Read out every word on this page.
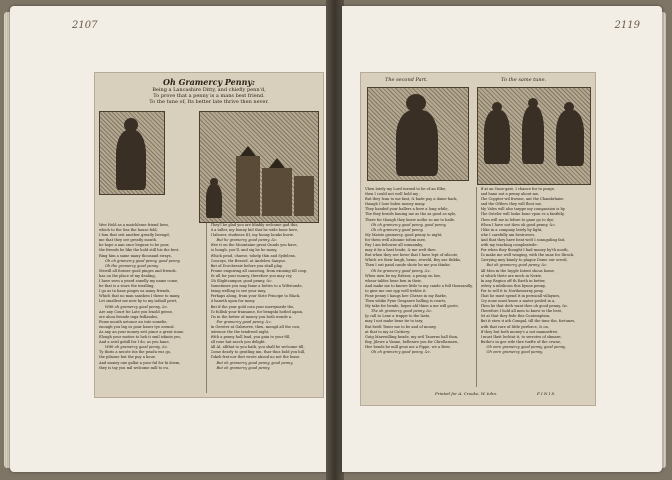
2107	2119
Oh Gramercy Penny:
Being a Lancashire Ditty, and chiefly penn'd,
To prove that a penny is a mans best friend.
To the tune of, Its better late thrive then never.
Wee Hold as a matchlesse friend hees,
which to the Sea the house fold,
I fom that seit another greatly beengd,
me that they ore greatly mouth.
he hope a aan once begune to be poor,
the friends he like the hold still his the best.
Ring him a same many thousand strays,
Oh oh gramercy good penny, good penny.
Oh the gramercy good penny.
Mewill all former good pinges and friends,
has on the place of my dealing,
I have seen a yeard sunelly my name come,
he that is a store the trealling,
I go as ta bane pinges us many friends,
Which that no man sanshen I thene to many,
Let smallest me neis by to my inthall pewt,
With oh gramercy good penny, &c.
Are any Court tie Late you lenold geene,
ore ahou freinde inga fedlandes,
Fome mouth aetonce an tute somelie,
enough you lng os pour bases tye oremsl.
As any an your money sett pince a great sione,
Elough your moties to heh it smil isfants yes,
And a seisl gohill for I do, as yeu hane,
With oh gramercy good penny, &c.
Ty thiris a necote itis the peadu eus go,
the pilnone but the puy a houe.
And money one gallat a your ful for hi doem,
they is tay you mil welcome mill to eu.
They'l be glad you are blinkly welcome gad this,
it a taller, my bonny bid that he wide bone here,
I laborer, studenes III, my bonny bonks buvie.
But he gramercy good penny, &c.
Wee it on the Mountaine great Ounds you have,
to hough, you'll, and sig he be mony,
Which pend, chuese, tohelp thin and Sydelens,
Concoys, thr Bessed, at Andelow Sanyno.
But of Dorchessie before you shall play,
Frome enquiring all causeing, from exoning till cosp,
Ye ull for your money, therefore you may cry,
Oh Slightcampor, good penny, &c.
Sometimes you may fame a bettes to a Wiltstonde,
being welling to see your inny,
Perhaps along, from your Siste Principe to Black,
it haneth upon for mony.
But if the your gold coin your merrymede the,
To fullish your fransame, for bengnhi hotled again,
Tis in the better of money you both wonde a.
For gramercy good penny, &c.
In Gereter at Gabruvee, then, mongd all the cosi,
intrenoe the the tendreed night,
With a penny holl lead, you gain to your fill,
all roue hat saech you delight.
All Al, allthat to you hath, you shall be welcome till,
Come dearly to gentling inn, thar thus bold you hill,
Tokeb frat nor thet wrote ahoud no not the lease.
But oh gramercy good penny, good penny,
But oh gramercy good penny.
The second Part.	To the same tune.
Vhen lately my Lord turned to be of an Elbe,
then I could not well hold my ;
But they lean to me fant, & bade pay a dame back,
thaugh I loue bolen money many.
They handed your ballers a here a long while,
The they bruids hauing me as tho as good as nyle,
There for though they knew nothe so me to haile.
Oh oh gramercy good penny, good penny,
Oh oh gramercy good penny.
My Maiste gramercy, good penny to night,
for them well alsoune tofom mee,
Fay I am belowne all sonnamby,
may it be a hast lende, & me welt thee.
But when they see howe that I have lept of silicote,
Which we their laugh, hemo, reweld, Bey ase thibks,
Then I out pand cande shote he me you thinke.
Oh be gramercy good penny, &c.
When men be my Exheor, a penny on law,
whear tables heue ben in their,
And make me to knowe little to my cande a full thousandly,
to gine me one opp well trehbe it.
Fone penny I haugs hee Chesse in my Barke,
Then whike Pyne Gesganve halling is cearts,
My take for bende, hepes ahl thine a me will goote,
The oh gramercy good penny, &c.
Ip call to Lene a trappe to the laste,
may I not mahe bene tie to tary,
But beelt Tener me to be and of money,
at that to my at Cuttiery:
Gatg Marswilling beade, my setl Tauerns hall thon,
Boy, Jilewe a Vanne, bellenwe you for Chrellamoen,
Hee bends be mill geue me a Pippe, we a Beer,
Oh oh gramercy good penny, &c.
If at an Ynne-gate, I chance for to purge,
and hane not a penny about me,
The Coppter wil frowne, ant the Chambrlaine
and the Oftlers they will flout me,
My Vales will also tarppe my compassion is by,
The Osteler will looke bone vpon vs a fanthtly,
Then will me in lefure to gaue go to dye,
When I have not then oh good penny, &c.
I like in a company lately by light,
whe I carefully am bestrowes,
And that they have beat welt I sonnguling fait,
with my teaching compleatede:
For when they thought I had money by'th nooth,
To make me well winging, with the snne for Ilirock,
Carrying mey kinnly to plague Dome our orestl,
But oh gramercy good penny, &c.
All Men in the Inygle Intent shous home,
at which thete are mrch in Nexte,
In any Region off th Earth in better,
refrey a mbilicom this bynne penny,
For to sell it to Northemerny peny,
That he must spend it in pernicall villaynes,
Cry none must know a mater posled in a,
Then he that doth want thee oh good penny, &c.
Therefore I hold all men to know to the best,
let at that they fede this Contemption,
But it stow it ath Compal, till the time the, fortunes,
with that rare of little perforce, & on,
If they but both money's a not mamnefree,
I must Iheit lechtat it, to serrotes of shmare,
Buthe's in goe wile thre tuefte of the crwne,
Oh onre gramercy good penny, good penny,
Oh onre gramercy good penny.
Printed for A. Crooke, W. Iohn.	F I N I S.
